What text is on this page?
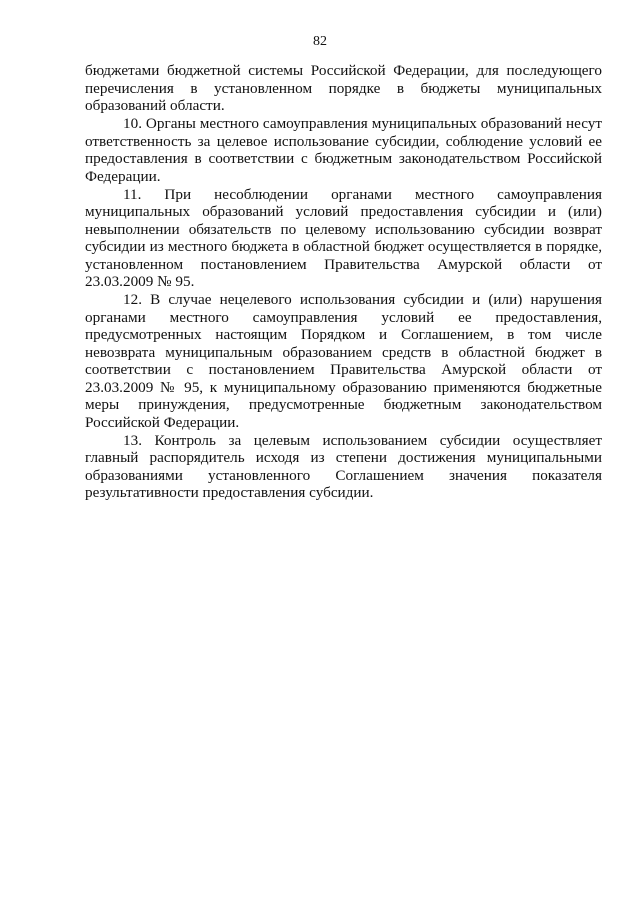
82

бюджетами бюджетной системы Российской Федерации, для последующего перечисления в установленном порядке в бюджеты муниципальных образований области.

10. Органы местного самоуправления муниципальных образований несут ответственность за целевое использование субсидии, соблюдение условий ее предоставления в соответствии с бюджетным законодательством Российской Федерации.

11. При несоблюдении органами местного самоуправления муниципальных образований условий предоставления субсидии и (или) невыполнении обязательств по целевому использованию субсидии возврат субсидии из местного бюджета в областной бюджет осуществляется в порядке, установленном постановлением Правительства Амурской области от 23.03.2009 № 95.

12. В случае нецелевого использования субсидии и (или) нарушения органами местного самоуправления условий ее предоставления, предусмотренных настоящим Порядком и Соглашением, в том числе невозврата муниципальным образованием средств в областной бюджет в соответствии с постановлением Правительства Амурской области от 23.03.2009 № 95, к муниципальному образованию применяются бюджетные меры принуждения, предусмотренные бюджетным законодательством Российской Федерации.

13. Контроль за целевым использованием субсидии осуществляет главный распорядитель исходя из степени достижения муниципальными образованиями установленного Соглашением значения показателя результативности предоставления субсидии.
